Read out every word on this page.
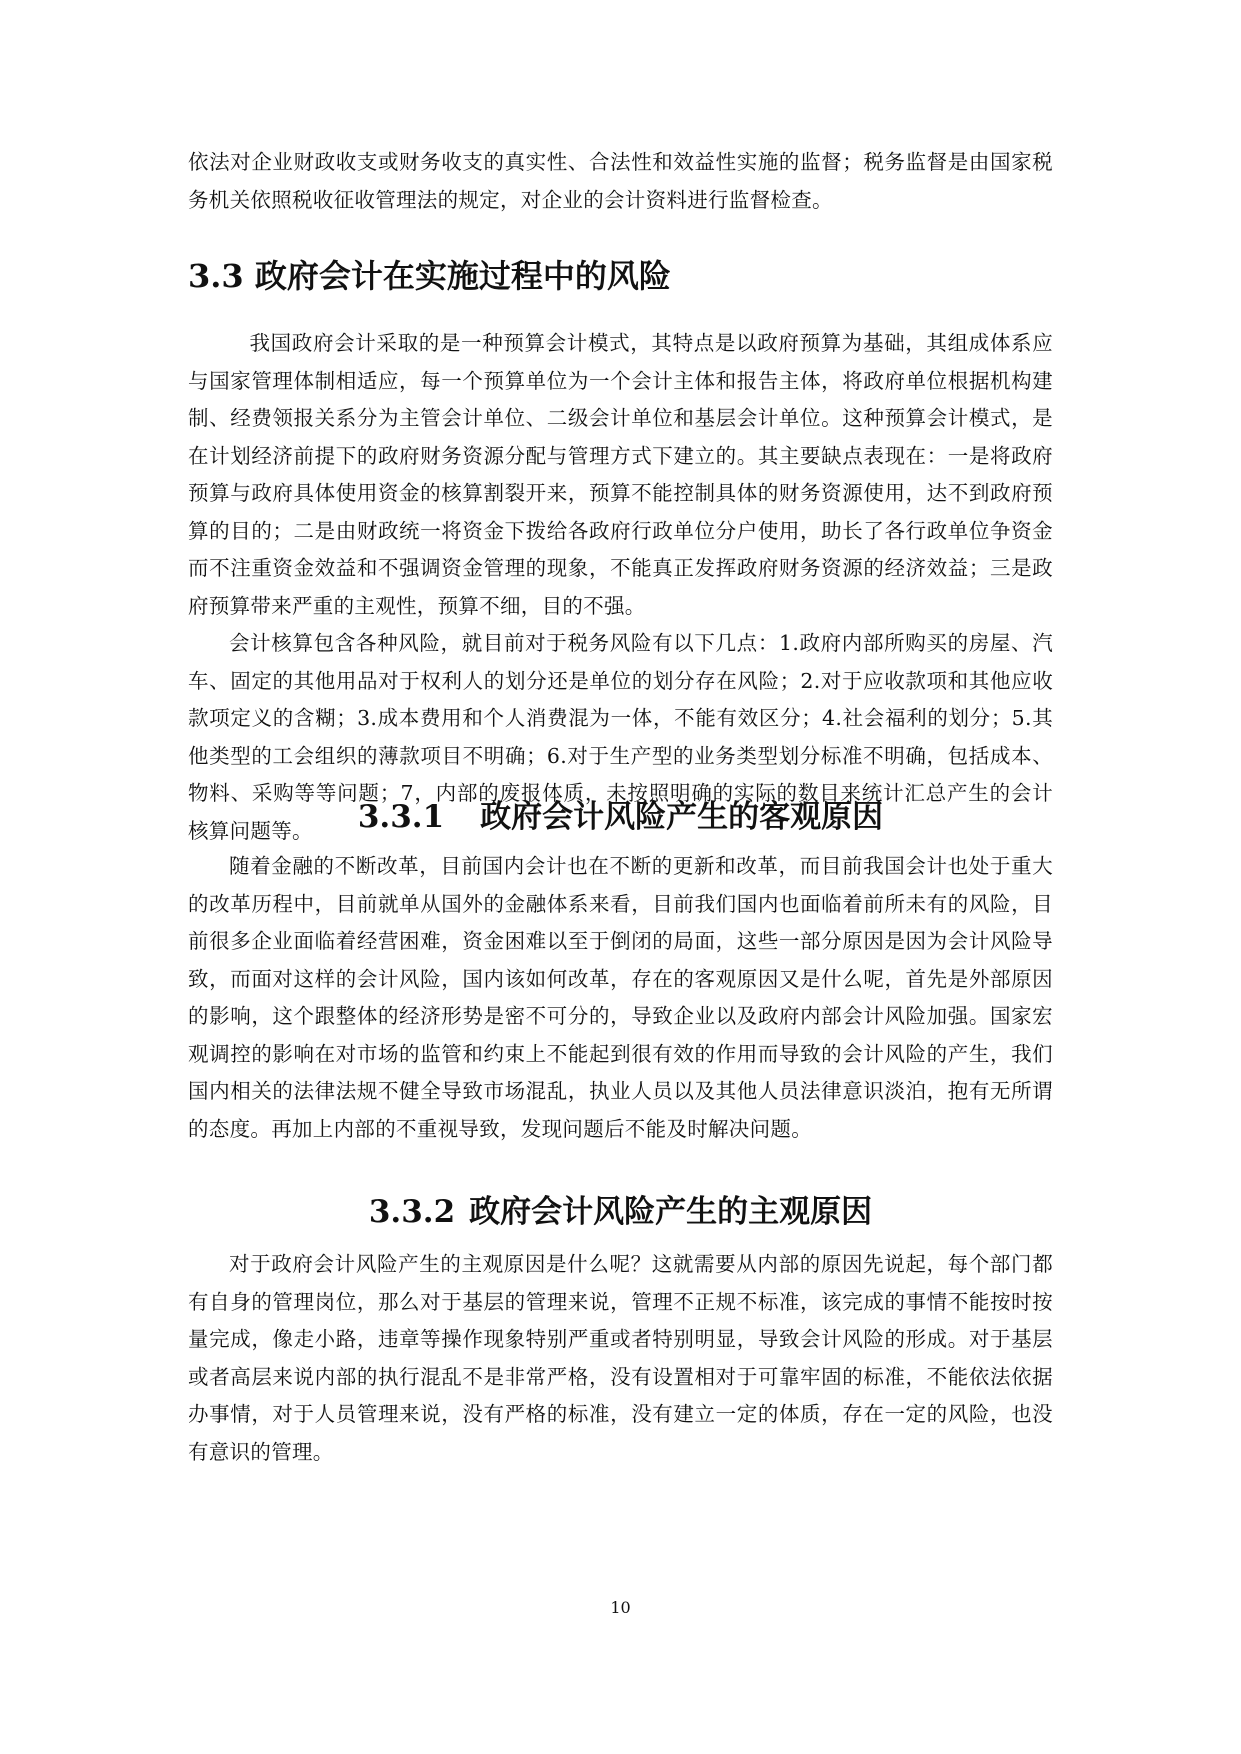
依法对企业财政收支或财务收支的真实性、合法性和效益性实施的监督；税务监督是由国家税务机关依照税收征收管理法的规定，对企业的会计资料进行监督检查。

3.3 政府会计在实施过程中的风险

我国政府会计采取的是一种预算会计模式，其特点是以政府预算为基础，其组成体系应与国家管理体制相适应，每一个预算单位为一个会计主体和报告主体，将政府单位根据机构建制、经费领报关系分为主管会计单位、二级会计单位和基层会计单位。这种预算会计模式，是在计划经济前提下的政府财务资源分配与管理方式下建立的。其主要缺点表现在：一是将政府预算与政府具体使用资金的核算割裂开来，预算不能控制具体的财务资源使用，达不到政府预算的目的；二是由财政统一将资金下拨给各政府行政单位分户使用，助长了各行政单位争资金而不注重资金效益和不强调资金管理的现象，不能真正发挥政府财务资源的经济效益；三是政府预算带来严重的主观性，预算不细，目的不强。

会计核算包含各种风险，就目前对于税务风险有以下几点：1.政府内部所购买的房屋、汽车、固定的其他用品对于权利人的划分还是单位的划分存在风险；2.对于应收款项和其他应收款项定义的含糊；3.成本费用和个人消费混为一体，不能有效区分；4.社会福利的划分；5.其他类型的工会组织的薄款项目不明确；6.对于生产型的业务类型划分标准不明确，包括成本、物料、采购等等问题；7，内部的废报体质，未按照明确的实际的数目来统计汇总产生的会计核算问题等。	3.3.1 政府会计风险产生的客观原因

随着金融的不断改革，目前国内会计也在不断的更新和改革，而目前我国会计也处于重大的改革历程中，目前就单从国外的金融体系来看，目前我们国内也面临着前所未有的风险，目前很多企业面临着经营困难，资金困难以至于倒闭的局面，这些一部分原因是因为会计风险导致，而面对这样的会计风险，国内该如何改革，存在的客观原因又是什么呢，首先是外部原因的影响，这个跟整体的经济形势是密不可分的，导致企业以及政府内部会计风险加强。国家宏观调控的影响在对市场的监管和约束上不能起到很有效的作用而导致的会计风险的产生，我们国内相关的法律法规不健全导致市场混乱，执业人员以及其他人员法律意识淡泊，抱有无所谓的态度。再加上内部的不重视导致，发现问题后不能及时解决问题。

3.3.2 政府会计风险产生的主观原因

对于政府会计风险产生的主观原因是什么呢？这就需要从内部的原因先说起，每个部门都有自身的管理岗位，那么对于基层的管理来说，管理不正规不标准，该完成的事情不能按时按量完成，像走小路，违章等操作现象特别严重或者特别明显，导致会计风险的形成。对于基层或者高层来说内部的执行混乱不是非常严格，没有设置相对于可靠牢固的标准，不能依法依据办事情，对于人员管理来说，没有严格的标准，没有建立一定的体质，存在一定的风险，也没有意识的管理。

10
